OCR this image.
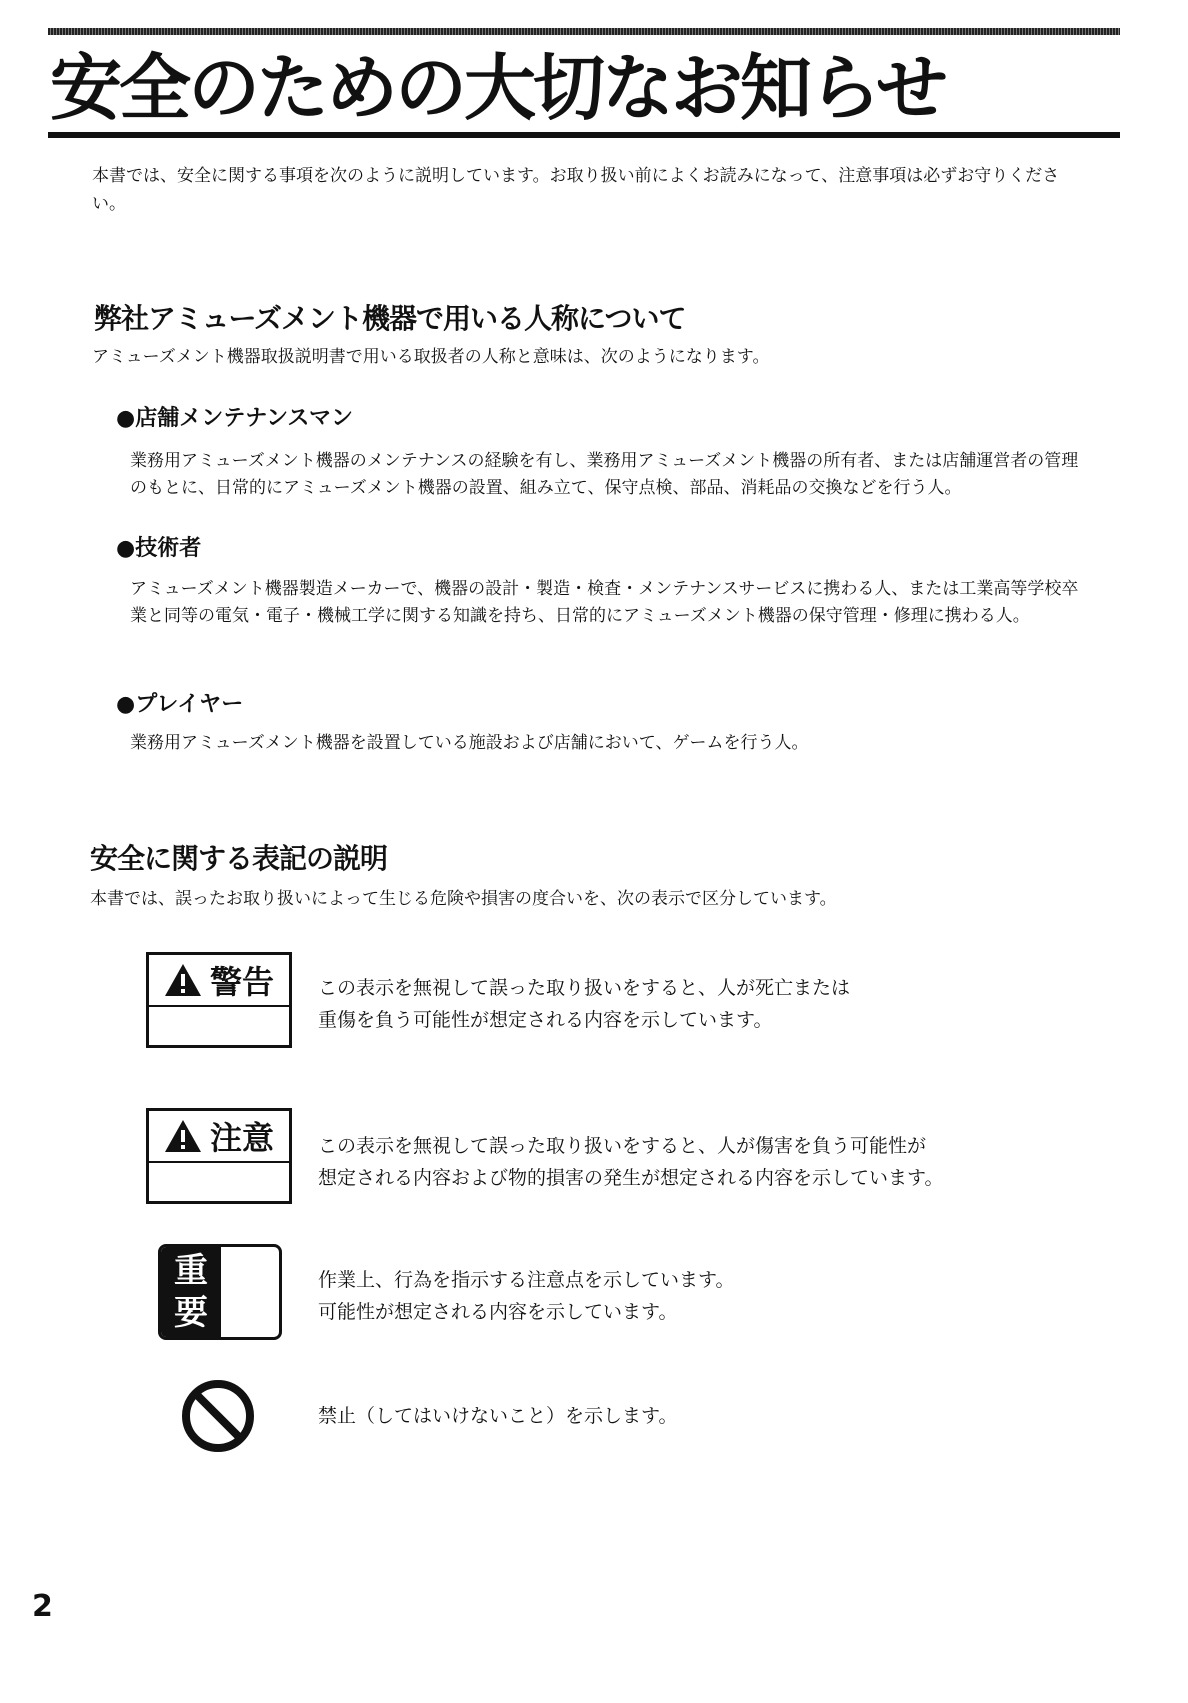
安全のための大切なお知らせ

本書では、安全に関する事項を次のように説明しています。お取り扱い前によくお読みになって、注意事項は必ずお守りください。

弊社アミューズメント機器で用いる人称について

アミューズメント機器取扱説明書で用いる取扱者の人称と意味は、次のようになります。

●店舗メンテナンスマン

業務用アミューズメント機器のメンテナンスの経験を有し、業務用アミューズメント機器の所有者、または店舗運営者の管理のもとに、日常的にアミューズメント機器の設置、組み立て、保守点検、部品、消耗品の交換などを行う人。

●技術者

アミューズメント機器製造メーカーで、機器の設計・製造・検査・メンテナンスサービスに携わる人、または工業高等学校卒業と同等の電気・電子・機械工学に関する知識を持ち、日常的にアミューズメント機器の保守管理・修理に携わる人。

●プレイヤー

業務用アミューズメント機器を設置している施設および店舗において、ゲームを行う人。

安全に関する表記の説明

本書では、誤ったお取り扱いによって生じる危険や損害の度合いを、次の表示で区分しています。

警告 この表示を無視して誤った取り扱いをすると、人が死亡または

重傷を負う可能性が想定される内容を示しています。

注意 この表示を無視して誤った取り扱いをすると、人が傷害を負う可能性が

想定される内容および物的損害の発生が想定される内容を示しています。

重
要

作業上、行為を指示する注意点を示しています。

可能性が想定される内容を示しています。

禁止（してはいけないこと）を示します。

2
